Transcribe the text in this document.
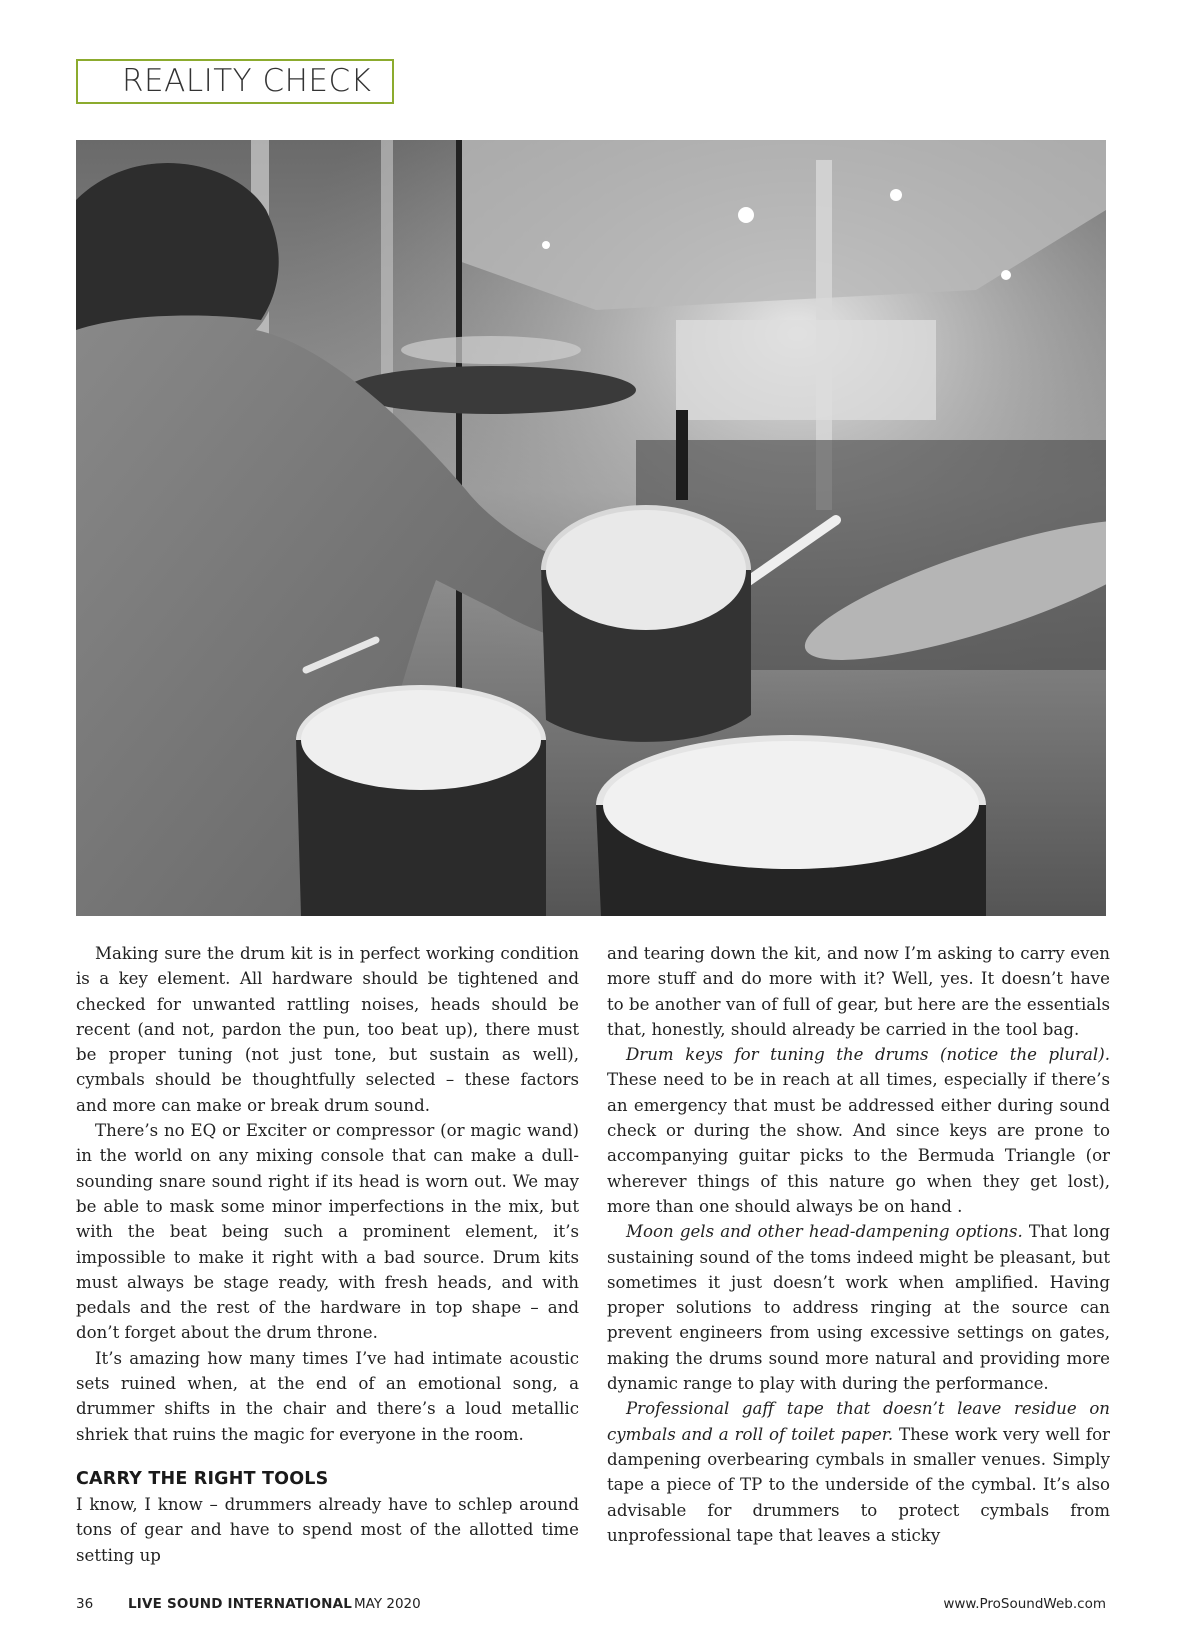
REALITY CHECK

Making sure the drum kit is in perfect working condition is a key element. All hardware should be tightened and checked for unwanted rattling noises, heads should be recent (and not, pardon the pun, too beat up), there must be proper tuning (not just tone, but sustain as well), cymbals should be thoughtfully selected – these factors and more can make or break drum sound.

There’s no EQ or Exciter or compressor (or magic wand) in the world on any mixing console that can make a dull-sounding snare sound right if its head is worn out. We may be able to mask some minor imperfections in the mix, but with the beat being such a prominent element, it’s impossible to make it right with a bad source. Drum kits must always be stage ready, with fresh heads, and with pedals and the rest of the hardware in top shape – and don’t forget about the drum throne.

It’s amazing how many times I’ve had intimate acoustic sets ruined when, at the end of an emotional song, a drummer shifts in the chair and there’s a loud metallic shriek that ruins the magic for everyone in the room.

CARRY THE RIGHT TOOLS

I know, I know – drummers already have to schlep around tons of gear and have to spend most of the allotted time setting up

and tearing down the kit, and now I’m asking to carry even more stuff and do more with it? Well, yes. It doesn’t have to be another van of full of gear, but here are the essentials that, honestly, should already be carried in the tool bag.

Drum keys for tuning the drums (notice the plural). These need to be in reach at all times, especially if there’s an emergency that must be addressed either during sound check or during the show. And since keys are prone to accompanying guitar picks to the Bermuda Triangle (or wherever things of this nature go when they get lost), more than one should always be on hand .

Moon gels and other head-dampening options. That long sustaining sound of the toms indeed might be pleasant, but sometimes it just doesn’t work when amplified. Having proper solutions to address ringing at the source can prevent engineers from using excessive settings on gates, making the drums sound more natural and providing more dynamic range to play with during the performance.

Professional gaff tape that doesn’t leave residue on cymbals and a roll of toilet paper. These work very well for dampening overbearing cymbals in smaller venues. Simply tape a piece of TP to the underside of the cymbal. It’s also advisable for drummers to protect cymbals from unprofessional tape that leaves a sticky

36	LIVE SOUND INTERNATIONAL MAY 2020	www.ProSoundWeb.com
